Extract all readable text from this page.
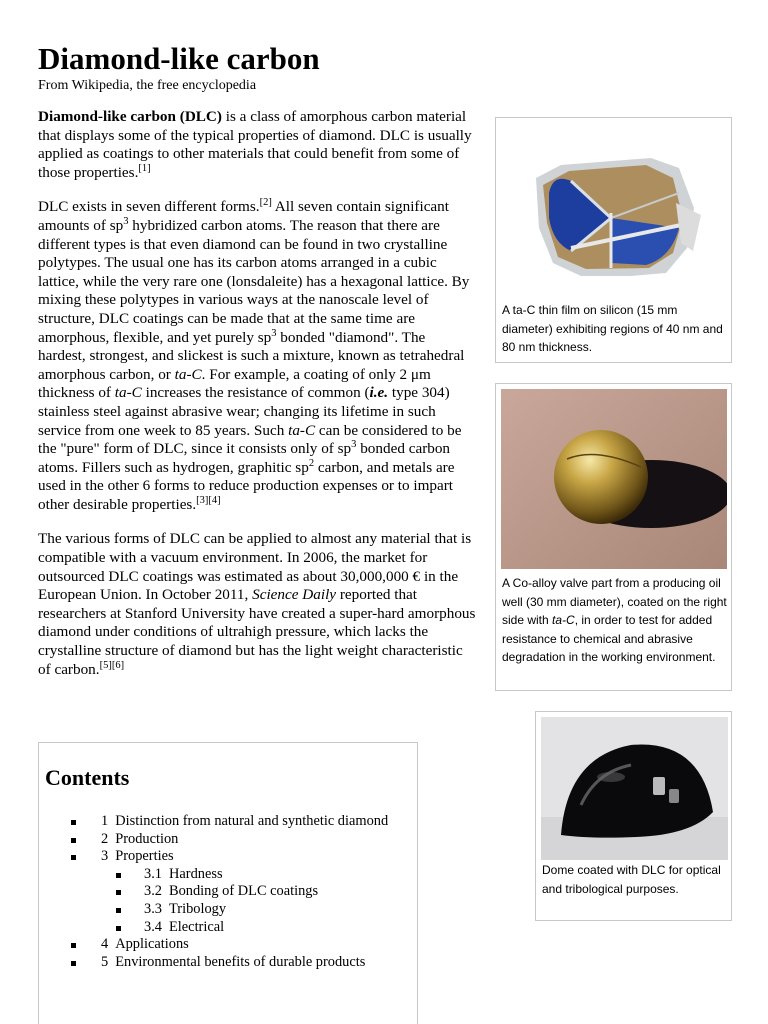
Diamond-like carbon
From Wikipedia, the free encyclopedia

Diamond-like carbon (DLC) is a class of amorphous carbon material that displays some of the typical properties of diamond. DLC is usually applied as coatings to other materials that could benefit from some of those properties.[1]

DLC exists in seven different forms.[2] All seven contain significant amounts of $sp^3$ hybridized carbon atoms. The reason that there are different types is that even diamond can be found in two crystalline polytypes. The usual one has its carbon atoms arranged in a cubic lattice, while the very rare one (lonsdaleite) has a hexagonal lattice. By mixing these polytypes in various ways at the nanoscale level of structure, DLC coatings can be made that at the same time are amorphous, flexible, and yet purely $sp^3$ bonded "diamond". The hardest, strongest, and slickest is such a mixture, known as tetrahedral amorphous carbon, or ta-C. For example, a coating of only 2 μm thickness of ta-C increases the resistance of common (i.e. type 304) stainless steel against abrasive wear; changing its lifetime in such service from one week to 85 years. Such ta-C can be considered to be the "pure" form of DLC, since it consists only of $sp^3$ bonded carbon atoms. Fillers such as hydrogen, graphitic $sp^2$ carbon, and metals are used in the other 6 forms to reduce production expenses or to impart other desirable properties.[3][4]

The various forms of DLC can be applied to almost any material that is compatible with a vacuum environment. In 2006, the market for outsourced DLC coatings was estimated as about 30,000,000 € in the European Union. In October 2011, Science Daily reported that researchers at Stanford University have created a super-hard amorphous diamond under conditions of ultrahigh pressure, which lacks the crystalline structure of diamond but has the light weight characteristic of carbon.[5][6]

Contents
1 Distinction from natural and synthetic diamond
2 Production
3 Properties
3.1 Hardness
3.2 Bonding of DLC coatings
3.3 Tribology
3.4 Electrical
4 Applications
5 Environmental benefits of durable products
A ta-C thin film on silicon (15 mm diameter) exhibiting regions of 40 nm and 80 nm thickness.
A Co-alloy valve part from a producing oil well (30 mm diameter), coated on the right side with ta-C, in order to test for added resistance to chemical and abrasive degradation in the working environment.
Dome coated with DLC for optical and tribological purposes.
